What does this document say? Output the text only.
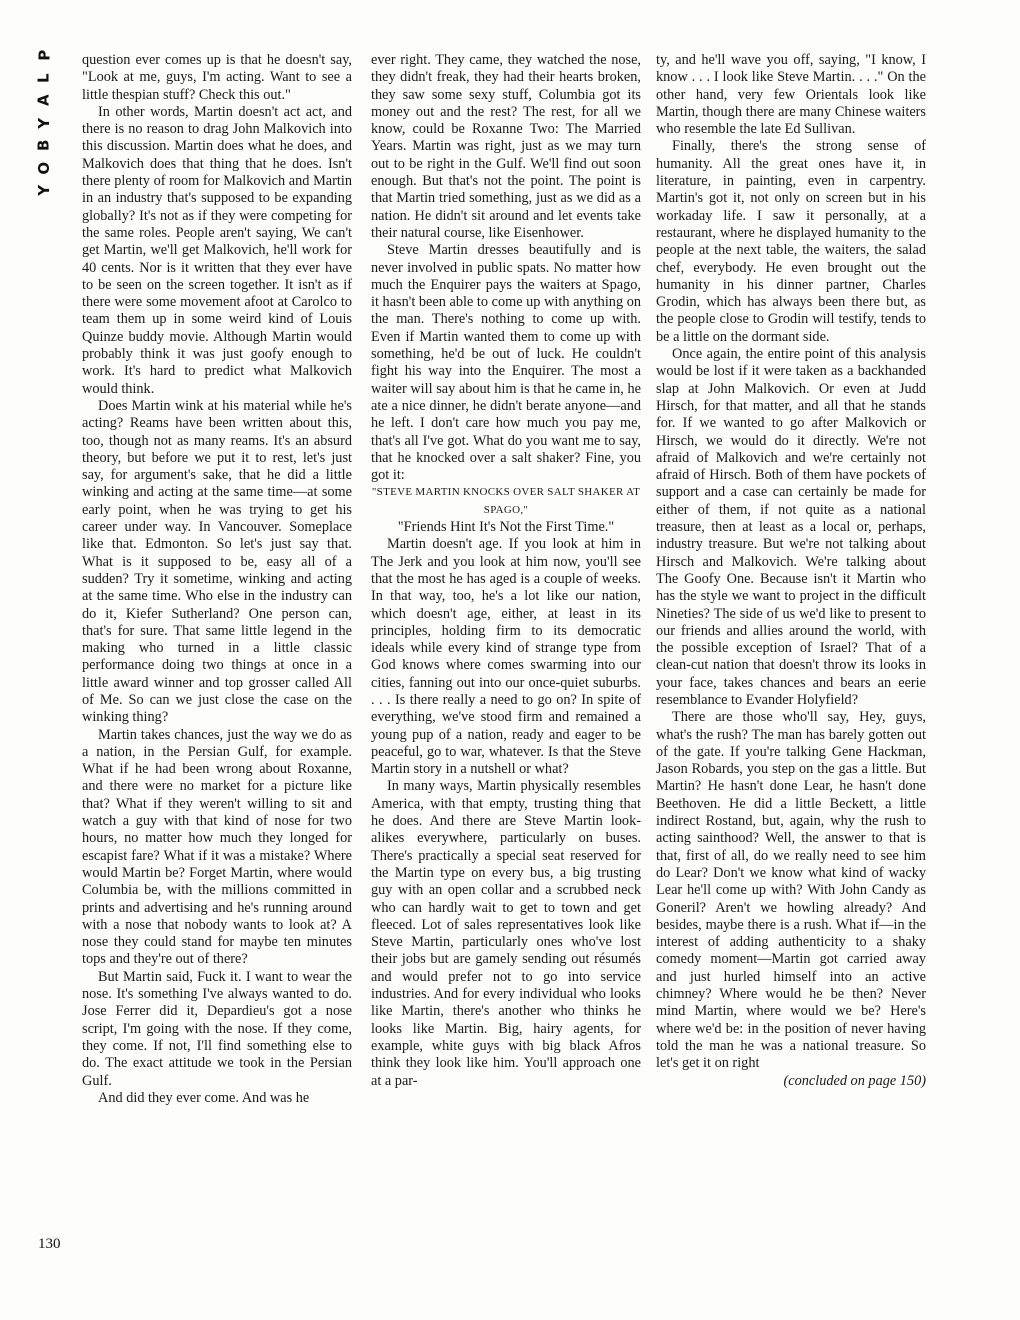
P
L
A
Y
B
O
Y
130

question ever comes up is that he doesn't say, "Look at me, guys, I'm acting. Want to see a little thespian stuff? Check this out."

In other words, Martin doesn't act act, and there is no reason to drag John Malkovich into this discussion. Martin does what he does, and Malkovich does that thing that he does. Isn't there plenty of room for Malkovich and Martin in an industry that's supposed to be expanding globally? It's not as if they were competing for the same roles. People aren't saying, We can't get Martin, we'll get Malkovich, he'll work for 40 cents. Nor is it written that they ever have to be seen on the screen together. It isn't as if there were some movement afoot at Carolco to team them up in some weird kind of Louis Quinze buddy movie. Although Martin would probably think it was just goofy enough to work. It's hard to predict what Malkovich would think.

Does Martin wink at his material while he's acting? Reams have been written about this, too, though not as many reams. It's an absurd theory, but before we put it to rest, let's just say, for argument's sake, that he did a little winking and acting at the same time—at some early point, when he was trying to get his career under way. In Vancouver. Someplace like that. Edmonton. So let's just say that. What is it supposed to be, easy all of a sudden? Try it sometime, winking and acting at the same time. Who else in the industry can do it, Kiefer Sutherland? One person can, that's for sure. That same little legend in the making who turned in a little classic performance doing two things at once in a little award winner and top grosser called All of Me. So can we just close the case on the winking thing?

Martin takes chances, just the way we do as a nation, in the Persian Gulf, for example. What if he had been wrong about Roxanne, and there were no market for a picture like that? What if they weren't willing to sit and watch a guy with that kind of nose for two hours, no matter how much they longed for escapist fare? What if it was a mistake? Where would Martin be? Forget Martin, where would Columbia be, with the millions committed in prints and advertising and he's running around with a nose that nobody wants to look at? A nose they could stand for maybe ten minutes tops and they're out of there?

But Martin said, Fuck it. I want to wear the nose. It's something I've always wanted to do. Jose Ferrer did it, Depardieu's got a nose script, I'm going with the nose. If they come, they come. If not, I'll find something else to do. The exact attitude we took in the Persian Gulf.

And did they ever come. And was he

ever right. They came, they watched the nose, they didn't freak, they had their hearts broken, they saw some sexy stuff, Columbia got its money out and the rest? The rest, for all we know, could be Roxanne Two: The Married Years. Martin was right, just as we may turn out to be right in the Gulf. We'll find out soon enough. But that's not the point. The point is that Martin tried something, just as we did as a nation. He didn't sit around and let events take their natural course, like Eisenhower.

Steve Martin dresses beautifully and is never involved in public spats. No matter how much the Enquirer pays the waiters at Spago, it hasn't been able to come up with anything on the man. There's nothing to come up with. Even if Martin wanted them to come up with something, he'd be out of luck. He couldn't fight his way into the Enquirer. The most a waiter will say about him is that he came in, he ate a nice dinner, he didn't berate anyone—and he left. I don't care how much you pay me, that's all I've got. What do you want me to say, that he knocked over a salt shaker? Fine, you got it:

"STEVE MARTIN KNOCKS OVER SALT SHAKER AT SPAGO,"
"Friends Hint It's Not the First Time."

Martin doesn't age. If you look at him in The Jerk and you look at him now, you'll see that the most he has aged is a couple of weeks. In that way, too, he's a lot like our nation, which doesn't age, either, at least in its principles, holding firm to its democratic ideals while every kind of strange type from God knows where comes swarming into our cities, fanning out into our once-quiet suburbs. . . . Is there really a need to go on? In spite of everything, we've stood firm and remained a young pup of a nation, ready and eager to be peaceful, go to war, whatever. Is that the Steve Martin story in a nutshell or what?

In many ways, Martin physically resembles America, with that empty, trusting thing that he does. And there are Steve Martin look-alikes everywhere, particularly on buses. There's practically a special seat reserved for the Martin type on every bus, a big trusting guy with an open collar and a scrubbed neck who can hardly wait to get to town and get fleeced. Lot of sales representatives look like Steve Martin, particularly ones who've lost their jobs but are gamely sending out résumés and would prefer not to go into service industries. And for every individual who looks like Martin, there's another who thinks he looks like Martin. Big, hairy agents, for example, white guys with big black Afros think they look like him. You'll approach one at a par-

ty, and he'll wave you off, saying, "I know, I know . . . I look like Steve Martin. . . ." On the other hand, very few Orientals look like Martin, though there are many Chinese waiters who resemble the late Ed Sullivan.

Finally, there's the strong sense of humanity. All the great ones have it, in literature, in painting, even in carpentry. Martin's got it, not only on screen but in his workaday life. I saw it personally, at a restaurant, where he displayed humanity to the people at the next table, the waiters, the salad chef, everybody. He even brought out the humanity in his dinner partner, Charles Grodin, which has always been there but, as the people close to Grodin will testify, tends to be a little on the dormant side.

Once again, the entire point of this analysis would be lost if it were taken as a backhanded slap at John Malkovich. Or even at Judd Hirsch, for that matter, and all that he stands for. If we wanted to go after Malkovich or Hirsch, we would do it directly. We're not afraid of Malkovich and we're certainly not afraid of Hirsch. Both of them have pockets of support and a case can certainly be made for either of them, if not quite as a national treasure, then at least as a local or, perhaps, industry treasure. But we're not talking about Hirsch and Malkovich. We're talking about The Goofy One. Because isn't it Martin who has the style we want to project in the difficult Nineties? The side of us we'd like to present to our friends and allies around the world, with the possible exception of Israel? That of a clean-cut nation that doesn't throw its looks in your face, takes chances and bears an eerie resemblance to Evander Holyfield?

There are those who'll say, Hey, guys, what's the rush? The man has barely gotten out of the gate. If you're talking Gene Hackman, Jason Robards, you step on the gas a little. But Martin? He hasn't done Lear, he hasn't done Beethoven. He did a little Beckett, a little indirect Rostand, but, again, why the rush to acting sainthood? Well, the answer to that is that, first of all, do we really need to see him do Lear? Don't we know what kind of wacky Lear he'll come up with? With John Candy as Goneril? Aren't we howling already? And besides, maybe there is a rush. What if—in the interest of adding authenticity to a shaky comedy moment—Martin got carried away and just hurled himself into an active chimney? Where would he be then? Never mind Martin, where would we be? Here's where we'd be: in the position of never having told the man he was a national treasure. So let's get it on right

(concluded on page 150)
